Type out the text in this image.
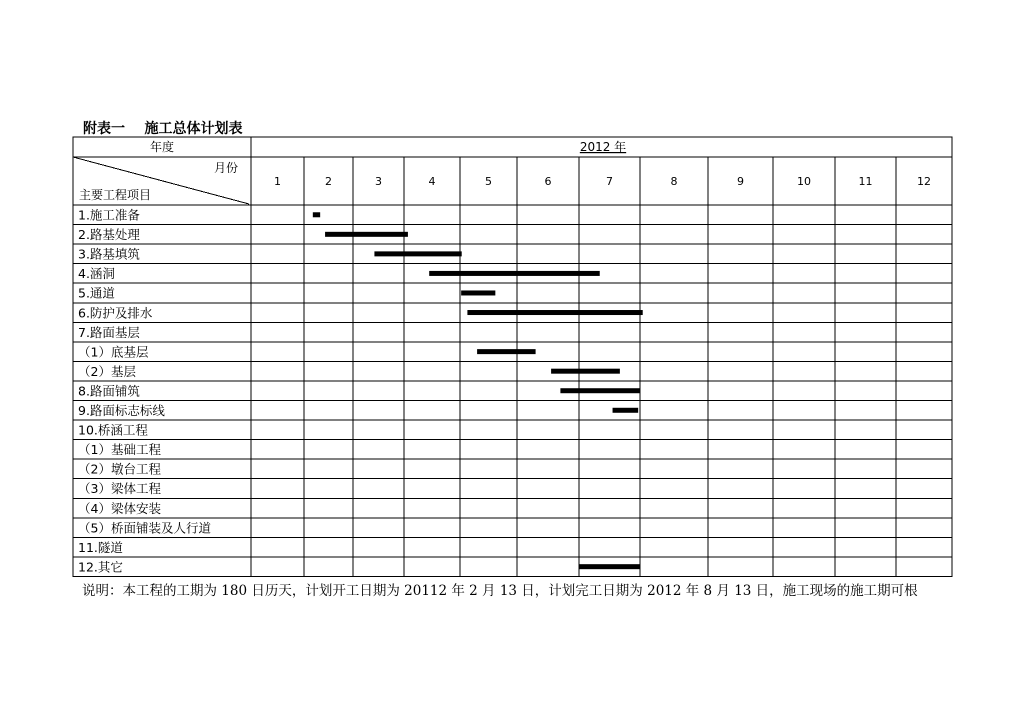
附表一    施工总体计划表
年度	2012 年
月份
主要工程项目
1	2	3	4	5	6	7	8	9	10	11	12
1.施工准备
2.路基处理
3.路基填筑
4.涵洞
5.通道
6.防护及排水
7.路面基层
（1）底基层
（2）基层
8.路面铺筑
9.路面标志标线
10.桥涵工程
（1）基础工程
（2）墩台工程
（3）梁体工程
（4）梁体安装
（5）桥面铺装及人行道
11.隧道
12.其它
说明：本工程的工期为 180 日历天，计划开工日期为 20112 年 2 月 13 日，计划完工日期为 2012 年 8 月 13 日，施工现场的施工期可根
